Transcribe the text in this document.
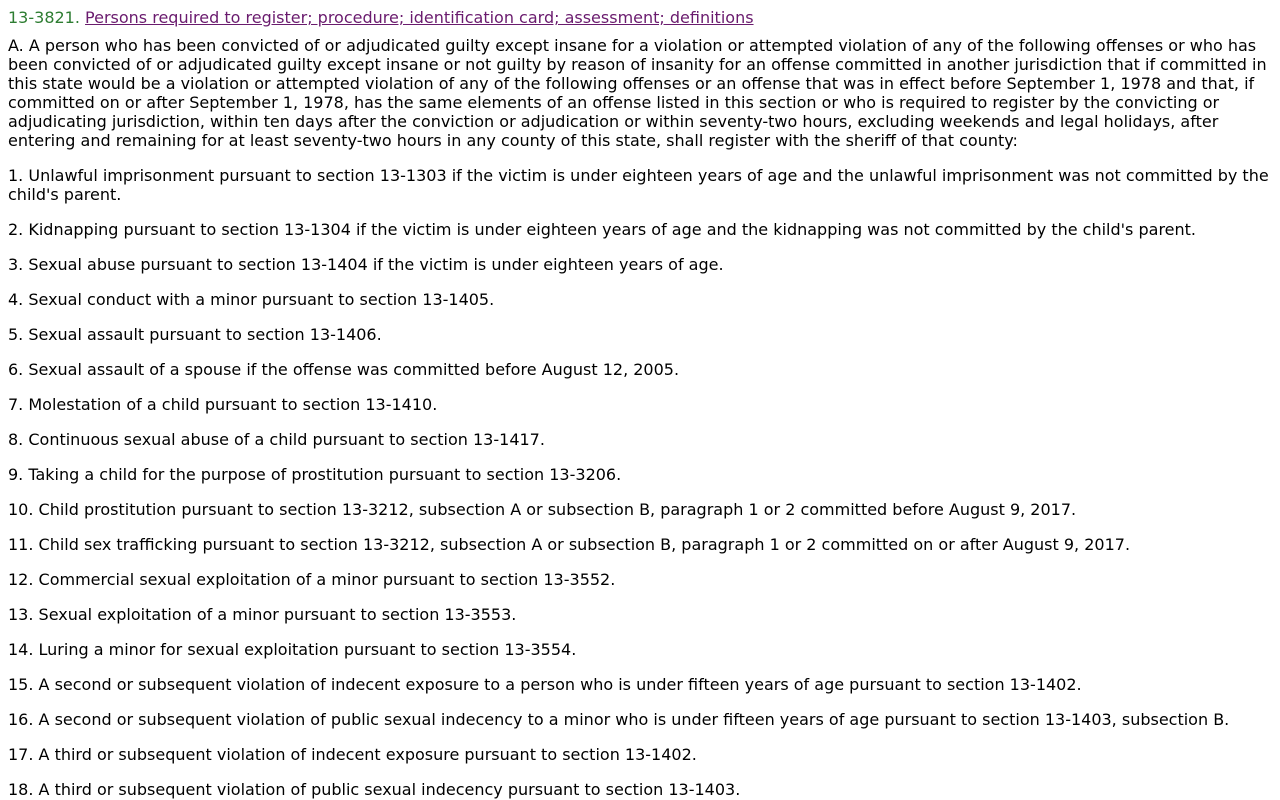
13-3821. Persons required to register; procedure; identification card; assessment; definitions

A. A person who has been convicted of or adjudicated guilty except insane for a violation or attempted violation of any of the following offenses or who has been convicted of or adjudicated guilty except insane or not guilty by reason of insanity for an offense committed in another jurisdiction that if committed in this state would be a violation or attempted violation of any of the following offenses or an offense that was in effect before September 1, 1978 and that, if committed on or after September 1, 1978, has the same elements of an offense listed in this section or who is required to register by the convicting or adjudicating jurisdiction, within ten days after the conviction or adjudication or within seventy-two hours, excluding weekends and legal holidays, after entering and remaining for at least seventy-two hours in any county of this state, shall register with the sheriff of that county:

1. Unlawful imprisonment pursuant to section 13-1303 if the victim is under eighteen years of age and the unlawful imprisonment was not committed by the child's parent.

2. Kidnapping pursuant to section 13-1304 if the victim is under eighteen years of age and the kidnapping was not committed by the child's parent.

3. Sexual abuse pursuant to section 13-1404 if the victim is under eighteen years of age.

4. Sexual conduct with a minor pursuant to section 13-1405.

5. Sexual assault pursuant to section 13-1406.

6. Sexual assault of a spouse if the offense was committed before August 12, 2005.

7. Molestation of a child pursuant to section 13-1410.

8. Continuous sexual abuse of a child pursuant to section 13-1417.

9. Taking a child for the purpose of prostitution pursuant to section 13-3206.

10. Child prostitution pursuant to section 13-3212, subsection A or subsection B, paragraph 1 or 2 committed before August 9, 2017.

11. Child sex trafficking pursuant to section 13-3212, subsection A or subsection B, paragraph 1 or 2 committed on or after August 9, 2017.

12. Commercial sexual exploitation of a minor pursuant to section 13-3552.

13. Sexual exploitation of a minor pursuant to section 13-3553.

14. Luring a minor for sexual exploitation pursuant to section 13-3554.

15. A second or subsequent violation of indecent exposure to a person who is under fifteen years of age pursuant to section 13-1402.

16. A second or subsequent violation of public sexual indecency to a minor who is under fifteen years of age pursuant to section 13-1403, subsection B.

17. A third or subsequent violation of indecent exposure pursuant to section 13-1402.

18. A third or subsequent violation of public sexual indecency pursuant to section 13-1403.
